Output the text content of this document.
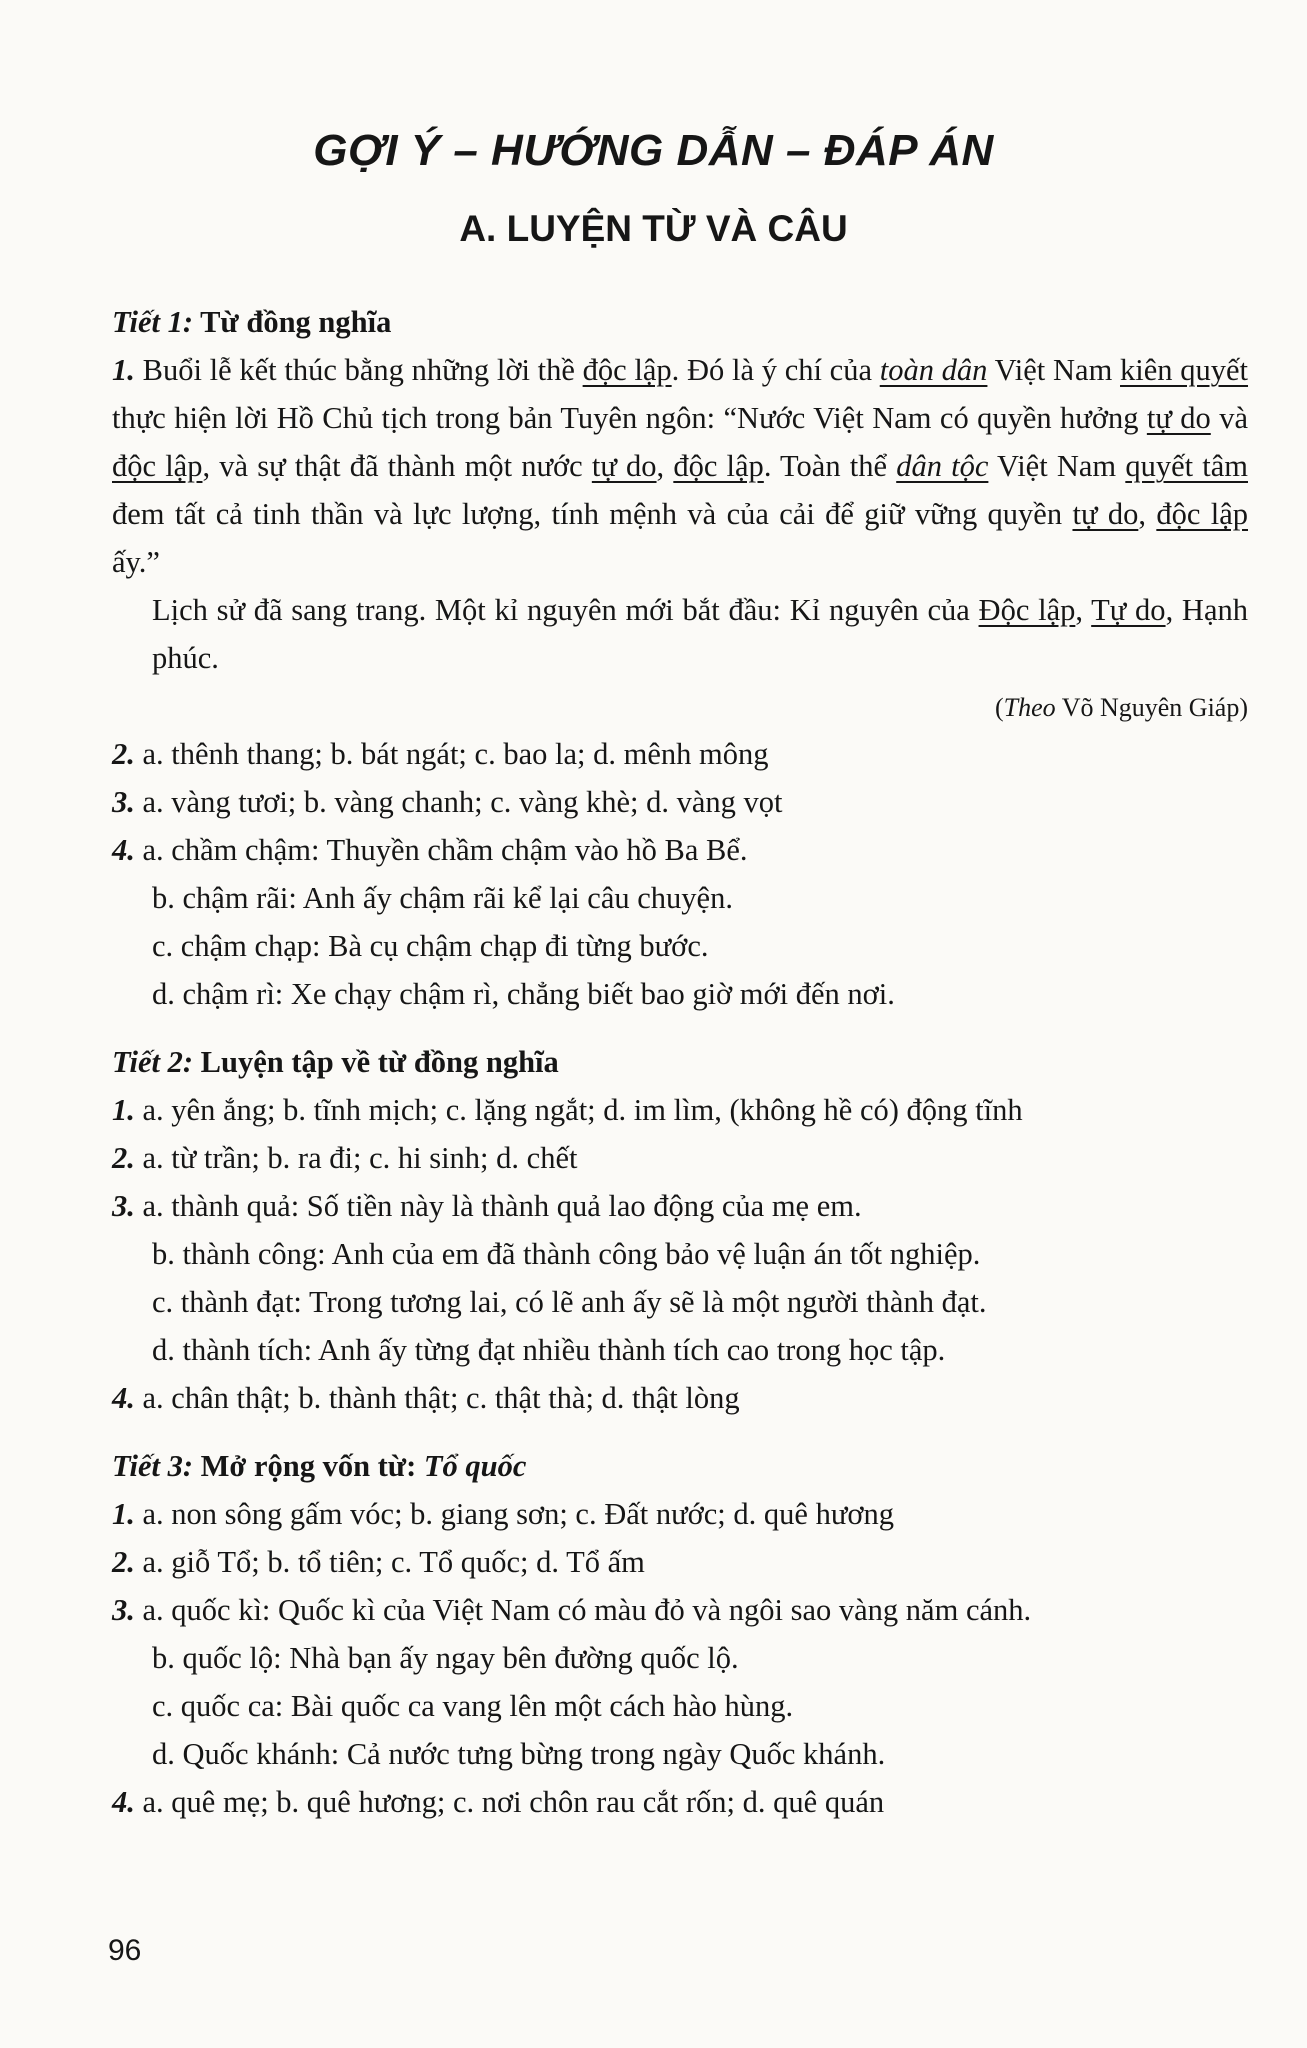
GỢI Ý – HƯỚNG DẪN – ĐÁP ÁN
A. LUYỆN TỪ VÀ CÂU

Tiết 1: Từ đồng nghĩa

1. Buổi lễ kết thúc bằng những lời thề độc lập. Đó là ý chí của toàn dân Việt Nam kiên quyết thực hiện lời Hồ Chủ tịch trong bản Tuyên ngôn: “Nước Việt Nam có quyền hưởng tự do và độc lập, và sự thật đã thành một nước tự do, độc lập. Toàn thể dân tộc Việt Nam quyết tâm đem tất cả tinh thần và lực lượng, tính mệnh và của cải để giữ vững quyền tự do, độc lập ấy.”

Lịch sử đã sang trang. Một kỉ nguyên mới bắt đầu: Kỉ nguyên của Độc lập, Tự do, Hạnh phúc.

(Theo Võ Nguyên Giáp)

2. a. thênh thang; b. bát ngát; c. bao la; d. mênh mông

3. a. vàng tươi; b. vàng chanh; c. vàng khè; d. vàng vọt

4. a. chầm chậm: Thuyền chầm chậm vào hồ Ba Bể.

b. chậm rãi: Anh ấy chậm rãi kể lại câu chuyện.

c. chậm chạp: Bà cụ chậm chạp đi từng bước.

d. chậm rì: Xe chạy chậm rì, chẳng biết bao giờ mới đến nơi.

Tiết 2: Luyện tập về từ đồng nghĩa

1. a. yên ắng; b. tĩnh mịch; c. lặng ngắt; d. im lìm, (không hề có) động tĩnh

2. a. từ trần; b. ra đi; c. hi sinh; d. chết

3. a. thành quả: Số tiền này là thành quả lao động của mẹ em.

b. thành công: Anh của em đã thành công bảo vệ luận án tốt nghiệp.

c. thành đạt: Trong tương lai, có lẽ anh ấy sẽ là một người thành đạt.

d. thành tích: Anh ấy từng đạt nhiều thành tích cao trong học tập.

4. a. chân thật; b. thành thật; c. thật thà; d. thật lòng

Tiết 3: Mở rộng vốn từ: Tổ quốc

1. a. non sông gấm vóc; b. giang sơn; c. Đất nước; d. quê hương

2. a. giỗ Tổ; b. tổ tiên; c. Tổ quốc; d. Tổ ấm

3. a. quốc kì: Quốc kì của Việt Nam có màu đỏ và ngôi sao vàng năm cánh.

b. quốc lộ: Nhà bạn ấy ngay bên đường quốc lộ.

c. quốc ca: Bài quốc ca vang lên một cách hào hùng.

d. Quốc khánh: Cả nước tưng bừng trong ngày Quốc khánh.

4. a. quê mẹ; b. quê hương; c. nơi chôn rau cắt rốn; d. quê quán

96
